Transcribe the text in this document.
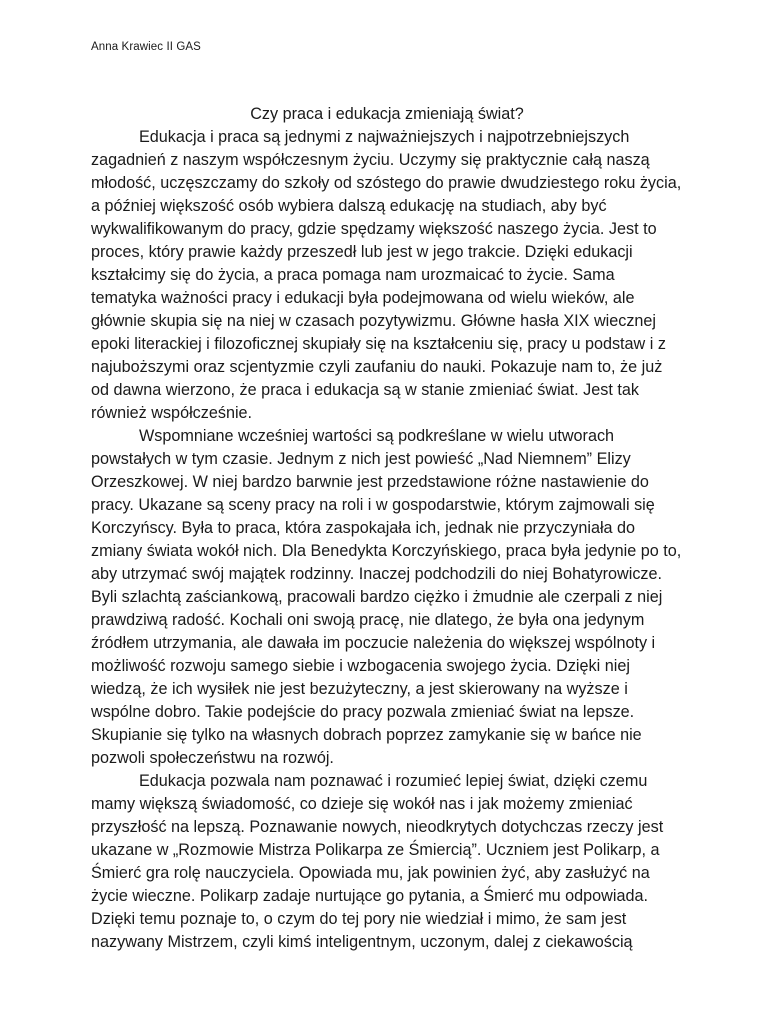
Anna Krawiec II GAS

Czy praca i edukacja zmieniają świat?

Edukacja i praca są jednymi z najważniejszych i najpotrzebniejszych zagadnień z naszym współczesnym życiu. Uczymy się praktycznie całą naszą młodość, uczęszczamy do szkoły od szóstego do prawie dwudziestego roku życia, a później większość osób wybiera dalszą edukację na studiach, aby być wykwalifikowanym do pracy, gdzie spędzamy większość naszego życia. Jest to proces, który prawie każdy przeszedł lub jest w jego trakcie. Dzięki edukacji kształcimy się do życia, a praca pomaga nam urozmaicać to życie. Sama tematyka ważności pracy i edukacji była podejmowana od wielu wieków, ale głównie skupia się na niej w czasach pozytywizmu. Główne hasła XIX wiecznej epoki literackiej i filozoficznej skupiały się na kształceniu się, pracy u podstaw i z najuboższymi oraz scjentyzmie czyli zaufaniu do nauki. Pokazuje nam to, że już od dawna wierzono, że praca i edukacja są w stanie zmieniać świat. Jest tak również współcześnie.

Wspomniane wcześniej wartości są podkreślane w wielu utworach powstałych w tym czasie. Jednym z nich jest powieść „Nad Niemnem” Elizy Orzeszkowej. W niej bardzo barwnie jest przedstawione różne nastawienie do pracy. Ukazane są sceny pracy na roli i w gospodarstwie, którym zajmowali się Korczyńscy. Była to praca, która zaspokajała ich, jednak nie przyczyniała do zmiany świata wokół nich. Dla Benedykta Korczyńskiego, praca była jedynie po to, aby utrzymać swój majątek rodzinny. Inaczej podchodzili do niej Bohatyrowicze. Byli szlachtą zaściankową, pracowali bardzo ciężko i żmudnie ale czerpali z niej prawdziwą radość. Kochali oni swoją pracę, nie dlatego, że była ona jedynym źródłem utrzymania, ale dawała im poczucie należenia do większej wspólnoty i możliwość rozwoju samego siebie i wzbogacenia swojego życia. Dzięki niej wiedzą, że ich wysiłek nie jest bezużyteczny, a jest skierowany na wyższe i wspólne dobro. Takie podejście do pracy pozwala zmieniać świat na lepsze. Skupianie się tylko na własnych dobrach poprzez zamykanie się w bańce nie pozwoli społeczeństwu na rozwój.

Edukacja pozwala nam poznawać i rozumieć lepiej świat, dzięki czemu mamy większą świadomość, co dzieje się wokół nas i jak możemy zmieniać przyszłość na lepszą. Poznawanie nowych, nieodkrytych dotychczas rzeczy jest ukazane w „Rozmowie Mistrza Polikarpa ze Śmiercią”. Uczniem jest Polikarp, a Śmierć gra rolę nauczyciela. Opowiada mu, jak powinien żyć, aby zasłużyć na życie wieczne. Polikarp zadaje nurtujące go pytania, a Śmierć mu odpowiada. Dzięki temu poznaje to, o czym do tej pory nie wiedział i mimo, że sam jest nazywany Mistrzem, czyli kimś inteligentnym, uczonym, dalej z ciekawością
